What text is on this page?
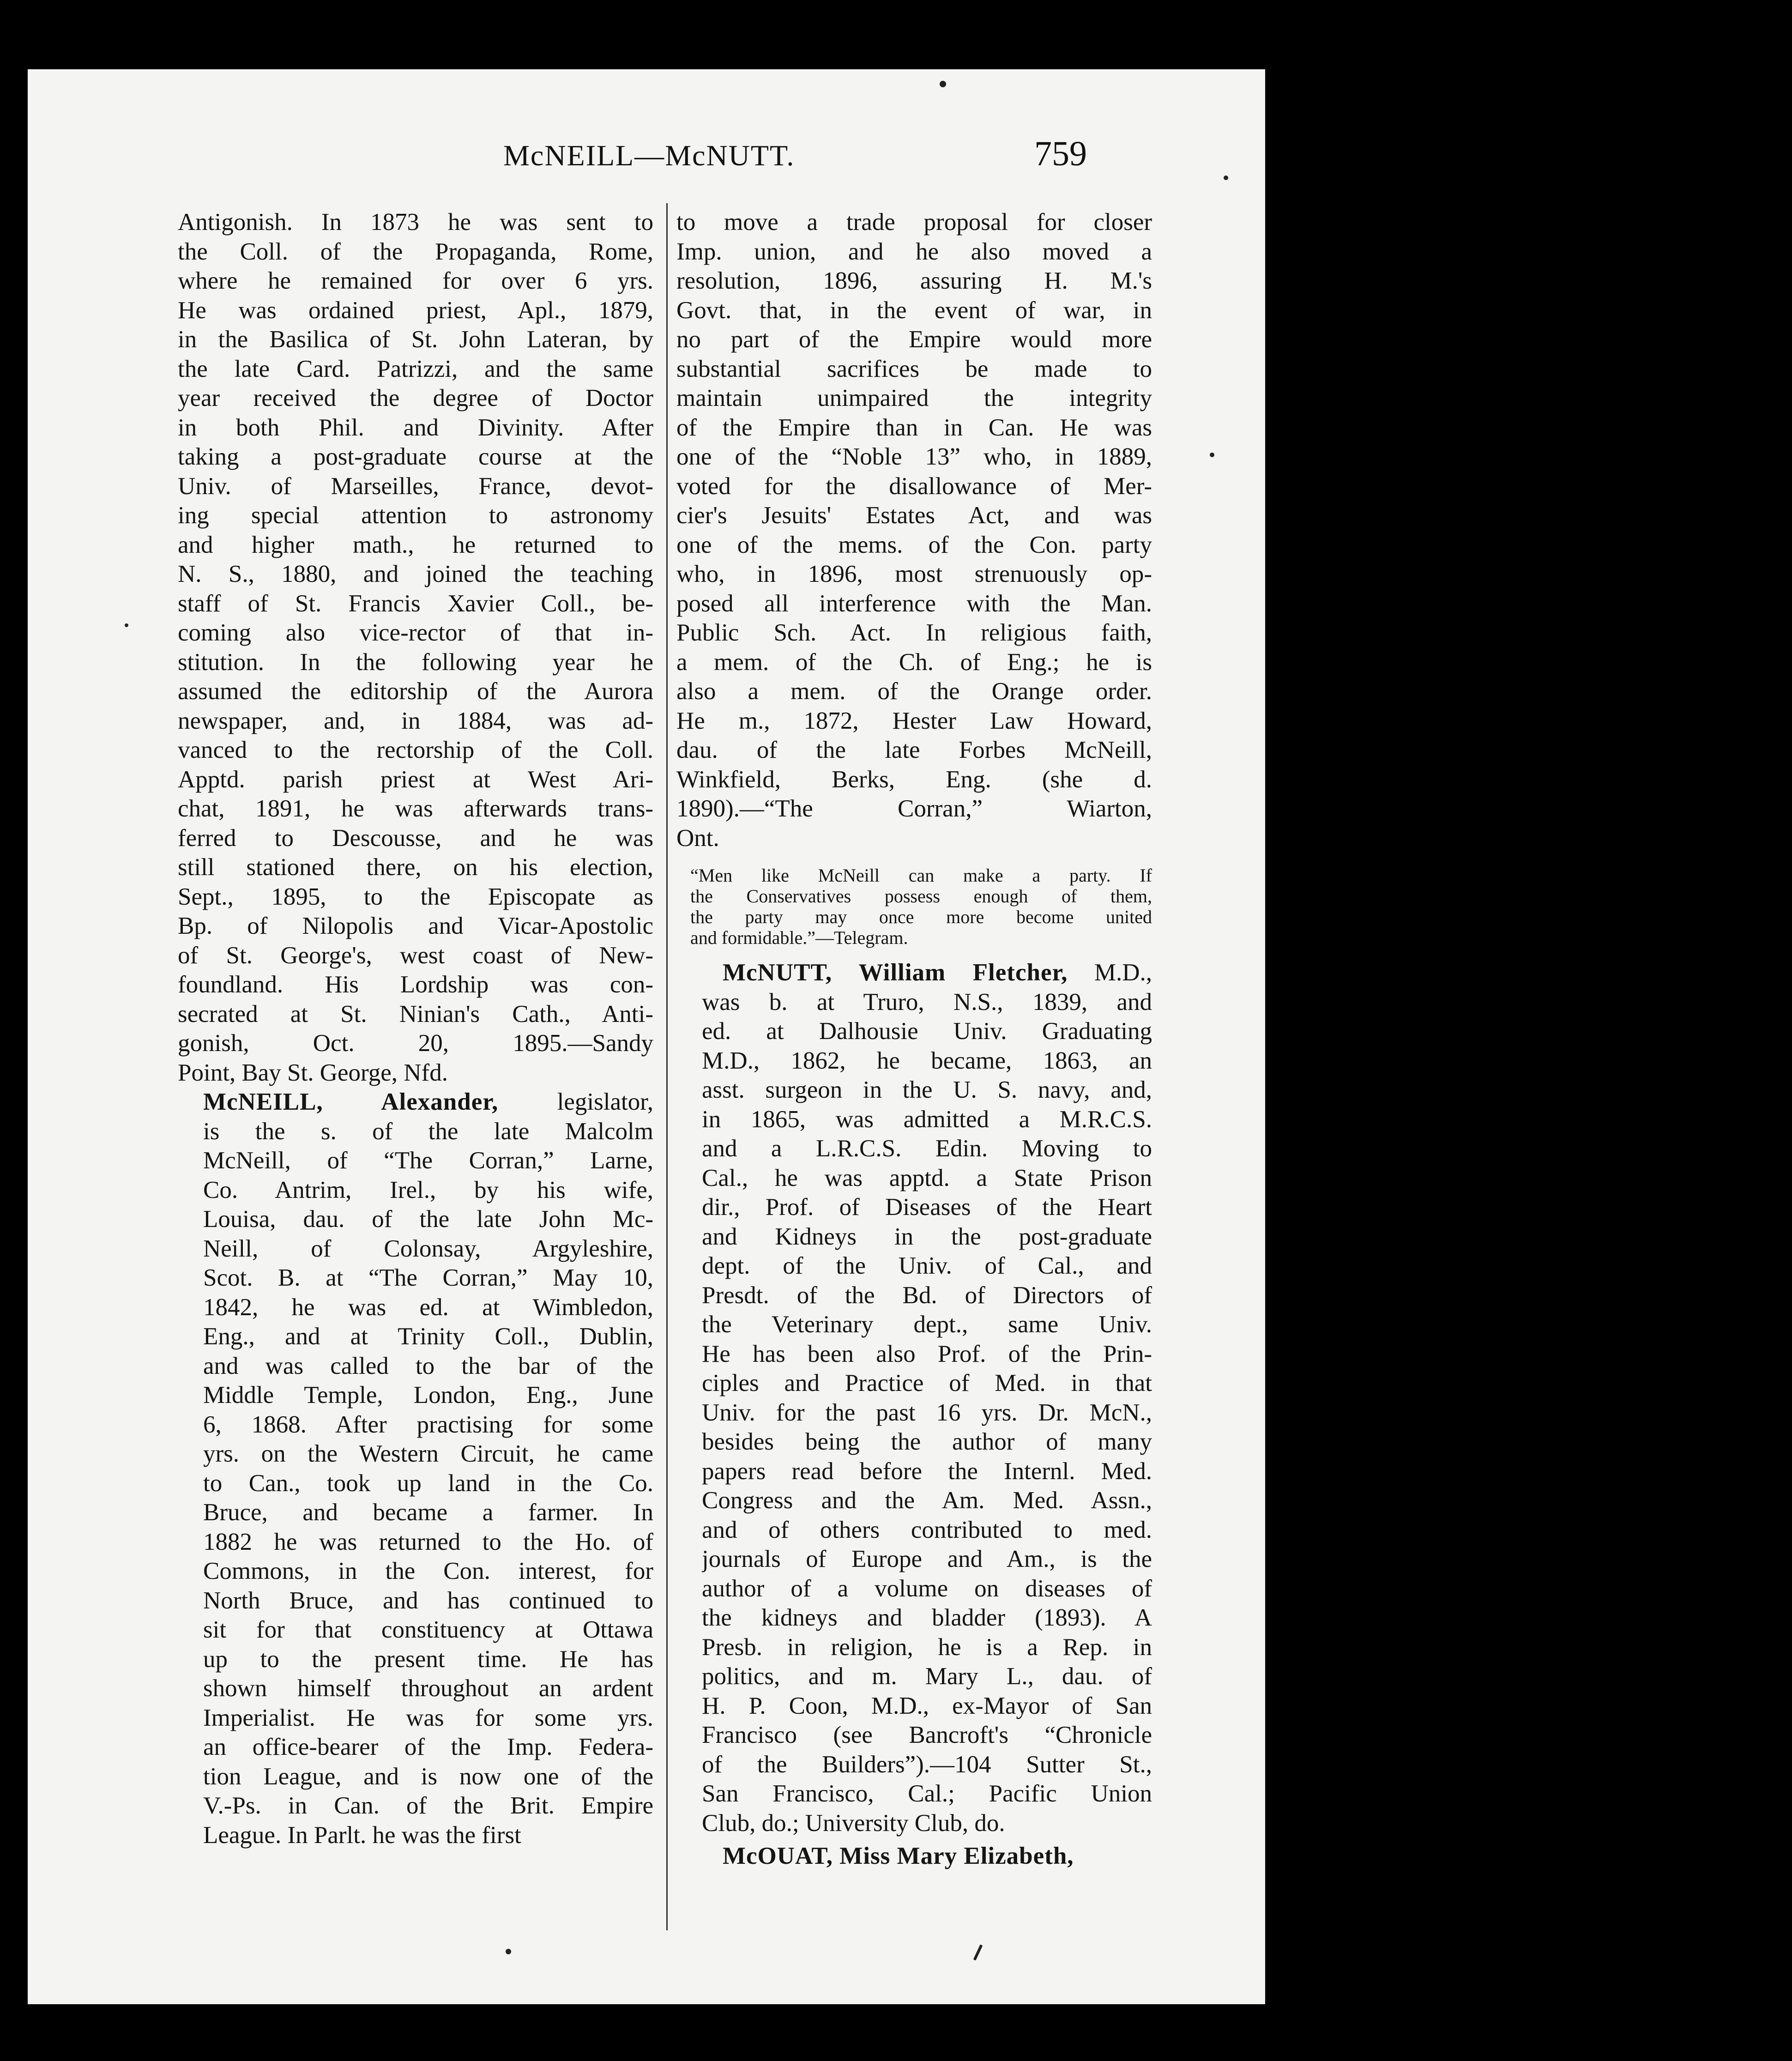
McNEILL—McNUTT.	759
Antigonish. In 1873 he was sent to
the Coll. of the Propaganda, Rome,
where he remained for over 6 yrs.
He was ordained priest, Apl., 1879,
in the Basilica of St. John Lateran, by
the late Card. Patrizzi, and the same
year received the degree of Doctor
in both Phil. and Divinity. After
taking a post-graduate course at the
Univ. of Marseilles, France, devot-
ing special attention to astronomy
and higher math., he returned to
N. S., 1880, and joined the teaching
staff of St. Francis Xavier Coll., be-
coming also vice-rector of that in-
stitution. In the following year he
assumed the editorship of the Aurora
newspaper, and, in 1884, was ad-
vanced to the rectorship of the Coll.
Apptd. parish priest at West Ari-
chat, 1891, he was afterwards trans-
ferred to Descousse, and he was
still stationed there, on his election,
Sept., 1895, to the Episcopate as
Bp. of Nilopolis and Vicar-Apostolic
of St. George's, west coast of New-
foundland. His Lordship was con-
secrated at St. Ninian's Cath., Anti-
gonish, Oct. 20, 1895.—Sandy
Point, Bay St. George, Nfd.
McNEILL, Alexander, legislator,
is the s. of the late Malcolm
McNeill, of “The Corran,” Larne,
Co. Antrim, Irel., by his wife,
Louisa, dau. of the late John Mc-
Neill, of Colonsay, Argyleshire,
Scot. B. at “The Corran,” May 10,
1842, he was ed. at Wimbledon,
Eng., and at Trinity Coll., Dublin,
and was called to the bar of the
Middle Temple, London, Eng., June
6, 1868. After practising for some
yrs. on the Western Circuit, he came
to Can., took up land in the Co.
Bruce, and became a farmer. In
1882 he was returned to the Ho. of
Commons, in the Con. interest, for
North Bruce, and has continued to
sit for that constituency at Ottawa
up to the present time. He has
shown himself throughout an ardent
Imperialist. He was for some yrs.
an office-bearer of the Imp. Federa-
tion League, and is now one of the
V.-Ps. in Can. of the Brit. Empire
League. In Parlt. he was the first
to move a trade proposal for closer
Imp. union, and he also moved a
resolution, 1896, assuring H. M.'s
Govt. that, in the event of war, in
no part of the Empire would more
substantial sacrifices be made to
maintain unimpaired the integrity
of the Empire than in Can. He was
one of the “Noble 13” who, in 1889,
voted for the disallowance of Mer-
cier's Jesuits' Estates Act, and was
one of the mems. of the Con. party
who, in 1896, most strenuously op-
posed all interference with the Man.
Public Sch. Act. In religious faith,
a mem. of the Ch. of Eng.; he is
also a mem. of the Orange order.
He m., 1872, Hester Law Howard,
dau. of the late Forbes McNeill,
Winkfield, Berks, Eng. (she d.
1890).—“The Corran,” Wiarton,
Ont.
“Men like McNeill can make a party. If
the Conservatives possess enough of them,
the party may once more become united
and formidable.”—Telegram.
McNUTT, William Fletcher, M.D.,
was b. at Truro, N.S., 1839, and
ed. at Dalhousie Univ. Graduating
M.D., 1862, he became, 1863, an
asst. surgeon in the U. S. navy, and,
in 1865, was admitted a M.R.C.S.
and a L.R.C.S. Edin. Moving to
Cal., he was apptd. a State Prison
dir., Prof. of Diseases of the Heart
and Kidneys in the post-graduate
dept. of the Univ. of Cal., and
Presdt. of the Bd. of Directors of
the Veterinary dept., same Univ.
He has been also Prof. of the Prin-
ciples and Practice of Med. in that
Univ. for the past 16 yrs. Dr. McN.,
besides being the author of many
papers read before the Internl. Med.
Congress and the Am. Med. Assn.,
and of others contributed to med.
journals of Europe and Am., is the
author of a volume on diseases of
the kidneys and bladder (1893). A
Presb. in religion, he is a Rep. in
politics, and m. Mary L., dau. of
H. P. Coon, M.D., ex-Mayor of San
Francisco (see Bancroft's “Chronicle
of the Builders”).—104 Sutter St.,
San Francisco, Cal.; Pacific Union
Club, do.; University Club, do.
McOUAT, Miss Mary Elizabeth,
